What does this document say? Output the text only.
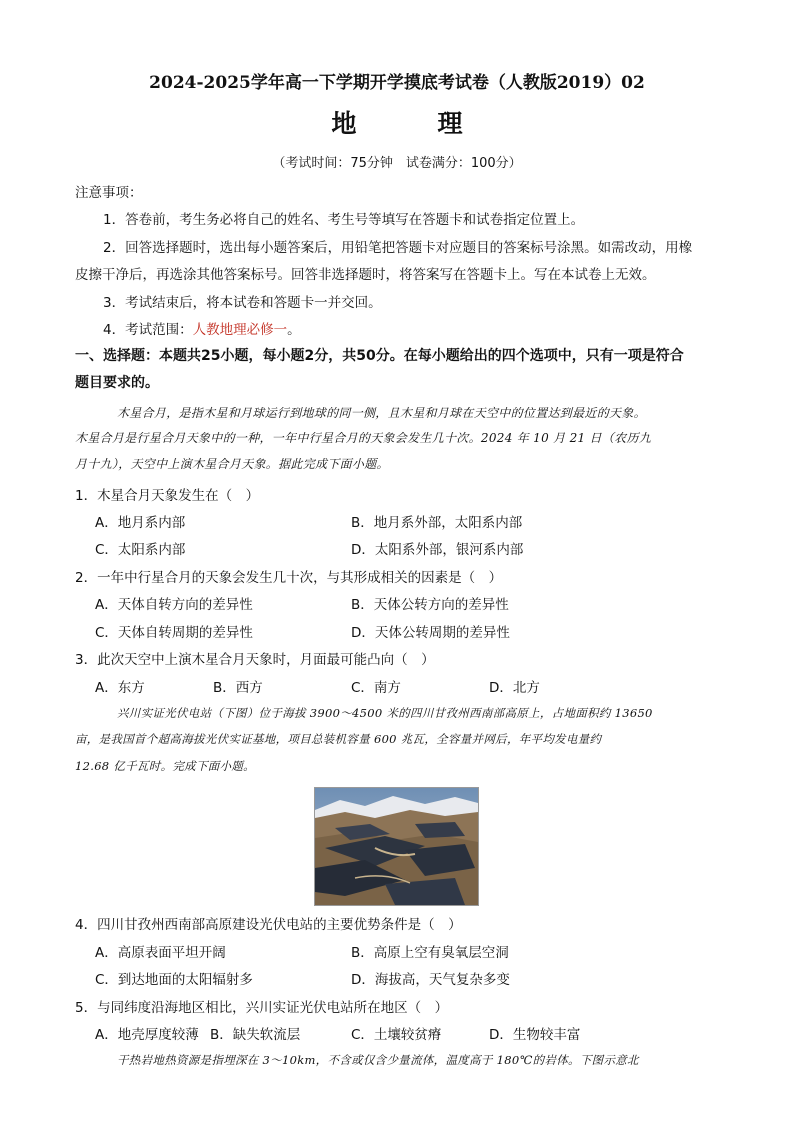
2024-2025学年高一下学期开学摸底考试卷（人教版2019）02
地　理
（考试时间：75分钟　试卷满分：100分）
注意事项：
1．答卷前，考生务必将自己的姓名、考生号等填写在答题卡和试卷指定位置上。
2．回答选择题时，选出每小题答案后，用铅笔把答题卡对应题目的答案标号涂黑。如需改动，用橡
皮擦干净后，再选涂其他答案标号。回答非选择题时，将答案写在答题卡上。写在本试卷上无效。
3．考试结束后，将本试卷和答题卡一并交回。
4．考试范围：人教地理必修一。
一、选择题：本题共25小题，每小题2分，共50分。在每小题给出的四个选项中，只有一项是符合
题目要求的。
木星合月，是指木星和月球运行到地球的同一侧，且木星和月球在天空中的位置达到最近的天象。
木星合月是行星合月天象中的一种，一年中行星合月的天象会发生几十次。2024 年 10 月 21 日（农历九
月十九），天空中上演木星合月天象。据此完成下面小题。
1．木星合月天象发生在（　）
A．地月系内部	B．地月系外部，太阳系内部
C．太阳系内部	D．太阳系外部，银河系内部
2．一年中行星合月的天象会发生几十次，与其形成相关的因素是（　）
A．天体自转方向的差异性	B．天体公转方向的差异性
C．天体自转周期的差异性	D．天体公转周期的差异性
3．此次天空中上演木星合月天象时，月面最可能凸向（　）
A．东方	B．西方	C．南方	D．北方
兴川实证光伏电站（下图）位于海拔 3900～4500 米的四川甘孜州西南部高原上，占地面积约 13650
亩，是我国首个超高海拔光伏实证基地，项目总装机容量 600 兆瓦，全容量并网后，年平均发电量约
12.68 亿千瓦时。完成下面小题。
4．四川甘孜州西南部高原建设光伏电站的主要优势条件是（　）
A．高原表面平坦开阔	B．高原上空有臭氧层空洞
C．到达地面的太阳辐射多	D．海拔高，天气复杂多变
5．与同纬度沿海地区相比，兴川实证光伏电站所在地区（　）
A．地壳厚度较薄 B．缺失软流层	C．土壤较贫瘠	D．生物较丰富
干热岩地热资源是指埋深在 3～10km，不含或仅含少量流体，温度高于 180℃的岩体。下图示意北
